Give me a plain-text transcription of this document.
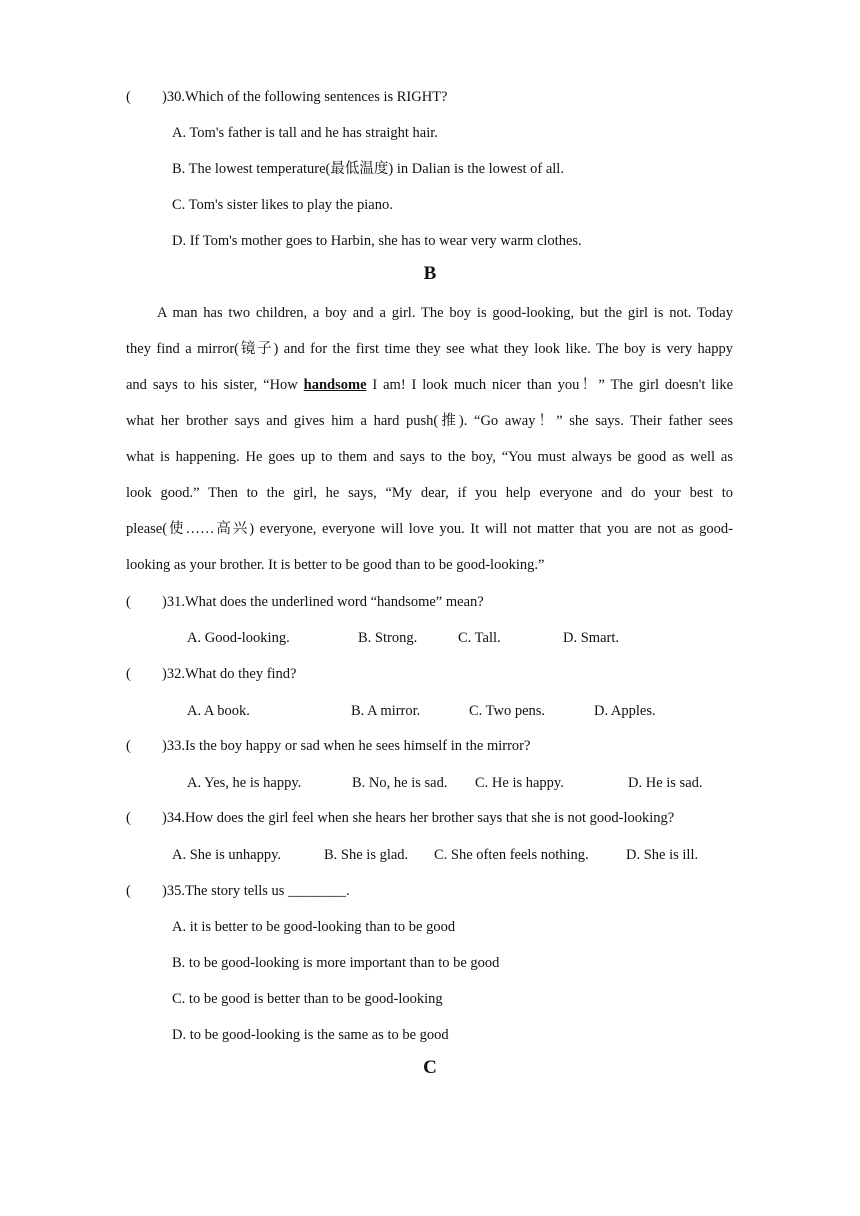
( )30.Which of the following sentences is RIGHT?
A. Tom's father is tall and he has straight hair.
B. The lowest temperature(最低温度) in Dalian is the lowest of all.
C. Tom's sister likes to play the piano.
D. If Tom's mother goes to Harbin, she has to wear very warm clothes.
B
A man has two children, a boy and a girl. The boy is good‐looking, but the girl is not. Today
they find a mirror(镜子) and for the first time they see what they look like. The boy is very happy
and says to his sister, “How handsome I am! I look much nicer than you！” The girl doesn't like
what her brother says and gives him a hard push(推). “Go away！” she says. Their father sees
what is happening. He goes up to them and says to the boy, “You must always be good as well as
look good.” Then to the girl, he says, “My dear, if you help everyone and do your best to
please(使……高兴) everyone, everyone will love you. It will not matter that you are not as good‐
looking as your brother. It is better to be good than to be good‐looking.”
( )31.What does the underlined word “handsome” mean?
A. Good‐looking.	B. Strong.	C. Tall.	D. Smart.
( )32.What do they find?
A. A book.	B. A mirror.	C. Two pens.	D. Apples.
( )33.Is the boy happy or sad when he sees himself in the mirror?
A. Yes, he is happy.	B. No, he is sad. C. He is happy.	D. He is sad.
( )34.How does the girl feel when she hears her brother says that she is not good-looking?
A. She is unhappy.	B. She is glad. C. She often feels nothing.	D. She is ill.
( )35.The story tells us ________.
A. it is better to be good-looking than to be good
B. to be good‐looking is more important than to be good
C. to be good is better than to be good‐looking
D. to be good‐looking is the same as to be good
C
